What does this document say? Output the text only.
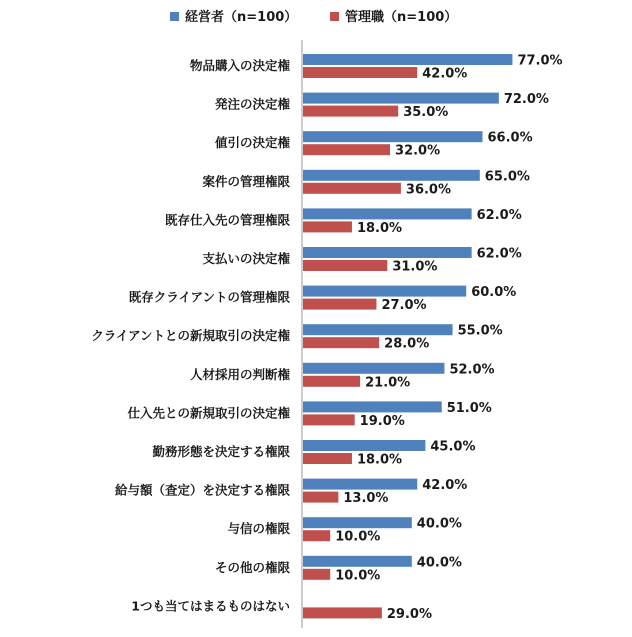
経営者（n=100）	管理職（n=100）
物品購入の決定権
発注の決定権
値引の決定権
案件の管理権限
既存仕入先の管理権限
支払いの決定権
既存クライアントの管理権限
クライアントとの新規取引の決定権
人材採用の判断権
仕入先との新規取引の決定権
勤務形態を決定する権限
給与額（査定）を決定する権限
与信の権限
その他の権限
1つも当てはまるものはない
77.0%
42.0%
72.0%
35.0%
66.0%
32.0%
65.0%
36.0%
62.0%
18.0%
62.0%
31.0%
60.0%
27.0%
55.0%
28.0%
52.0%
21.0%
51.0%
19.0%
45.0%
18.0%
42.0%
13.0%
40.0%
10.0%
40.0%
10.0%
29.0%
